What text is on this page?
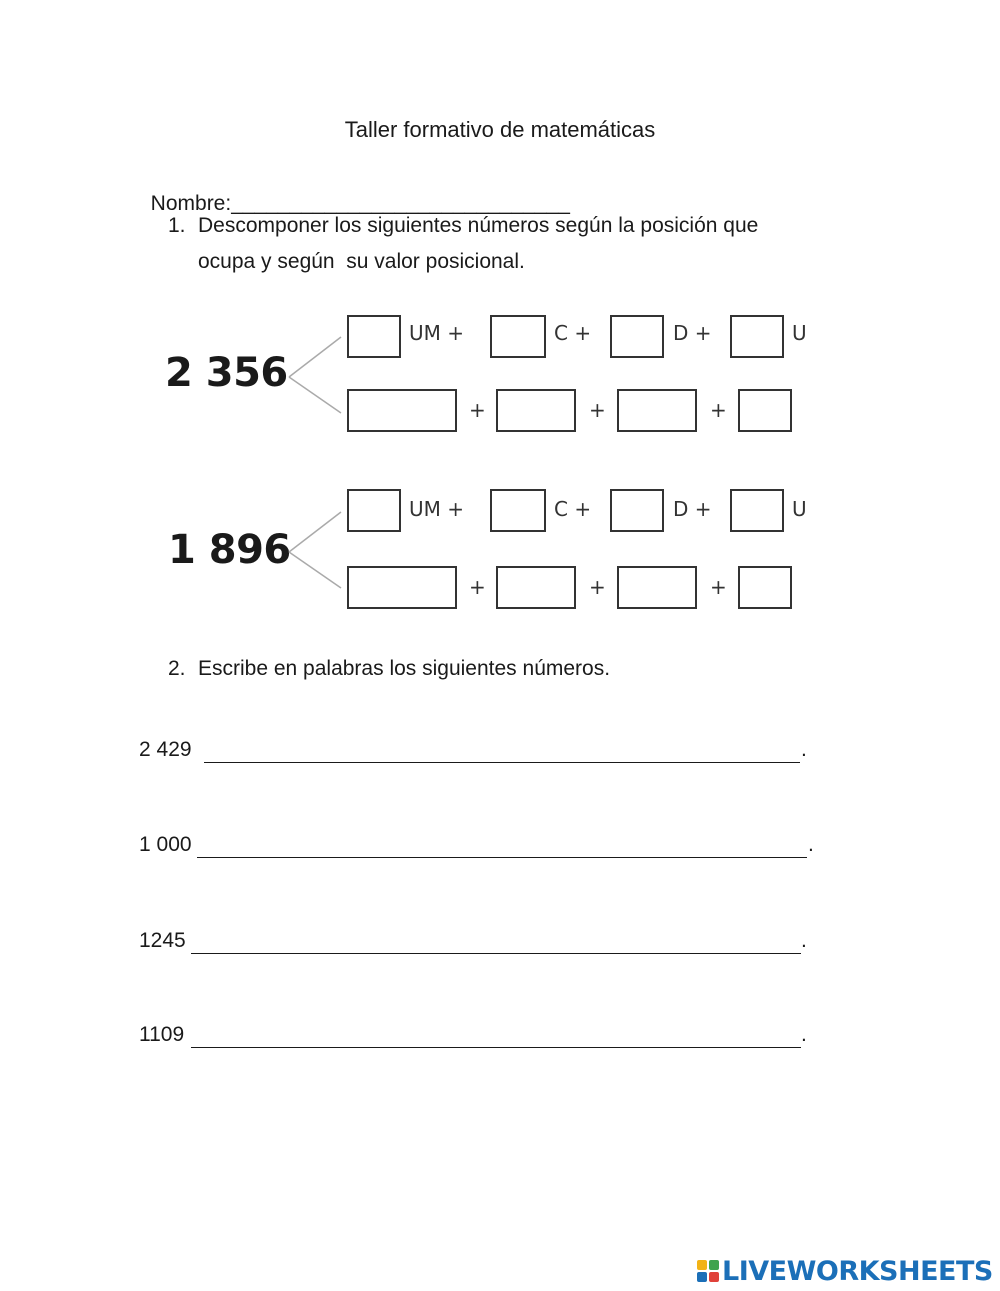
Taller formativo de matemáticas

Nombre:_____________________________

1. Descomponer los siguientes números según la posición que
ocupa y según  su valor posicional.
2 356
UM +	C +	D +	U
+	+	+
1 896
UM +	C +	D +	U
+	+	+
2. Escribe en palabras los siguientes números.
2 429	.
1 000	.
1245	.
1109	.
LIVEWORKSHEETS
